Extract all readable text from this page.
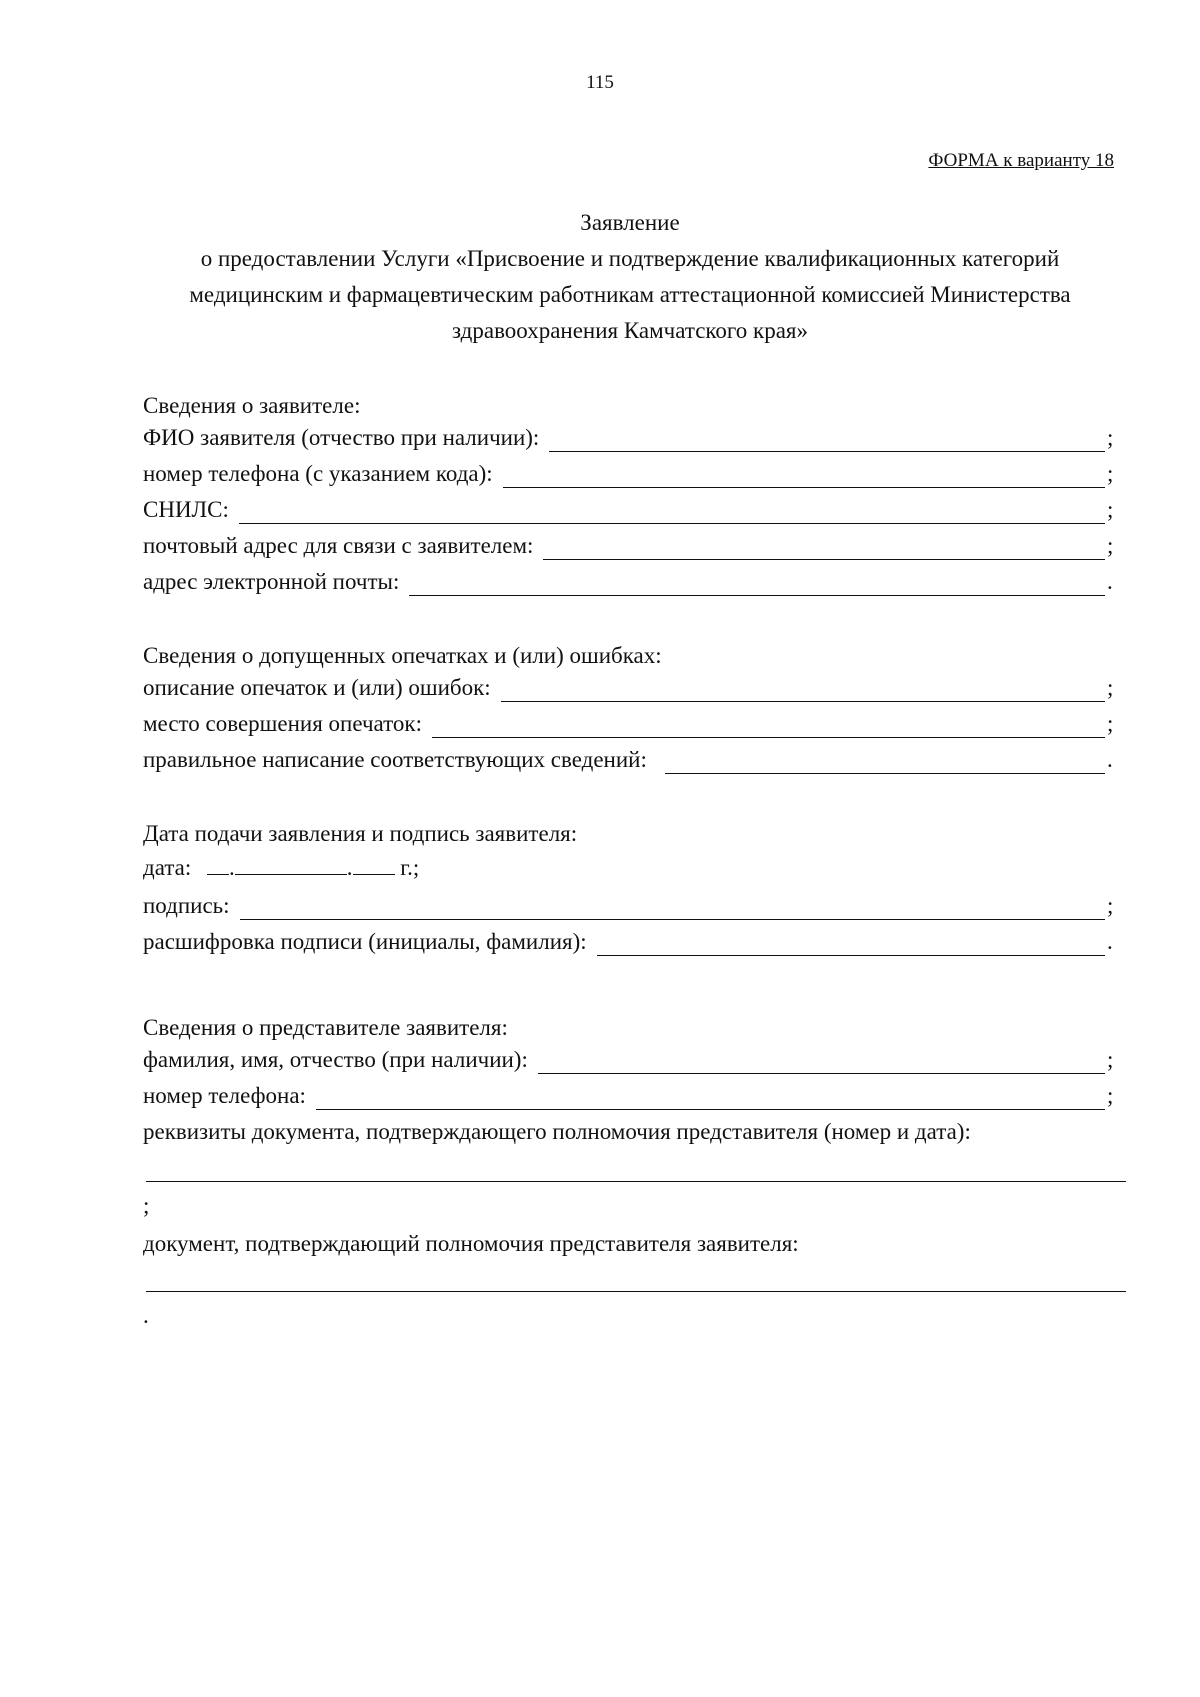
115
ФОРМА к варианту 18
Заявление
о предоставлении Услуги «Присвоение и подтверждение квалификационных категорий
медицинским и фармацевтическим работникам аттестационной комиссией Министерства
здравоохранения Камчатского края»
Сведения о заявителе:
ФИО заявителя (отчество при наличии):	;
номер телефона (с указанием кода):	;
СНИЛС:	;
почтовый адрес для связи с заявителем:	;
адрес электронной почты:	.
Сведения о допущенных опечатках и (или) ошибках:
описание опечаток и (или) ошибок:	;
место совершения опечаток:	;
правильное написание соответствующих сведений:	.
Дата подачи заявления и подпись заявителя:
дата: .	. г.;
подпись:	;
расшифровка подписи (инициалы, фамилия):	.
Сведения о представителе заявителя:
фамилия, имя, отчество (при наличии):	;
номер телефона:	;
реквизиты документа, подтверждающего полномочия представителя (номер и дата):
;
документ, подтверждающий полномочия представителя заявителя:
.
